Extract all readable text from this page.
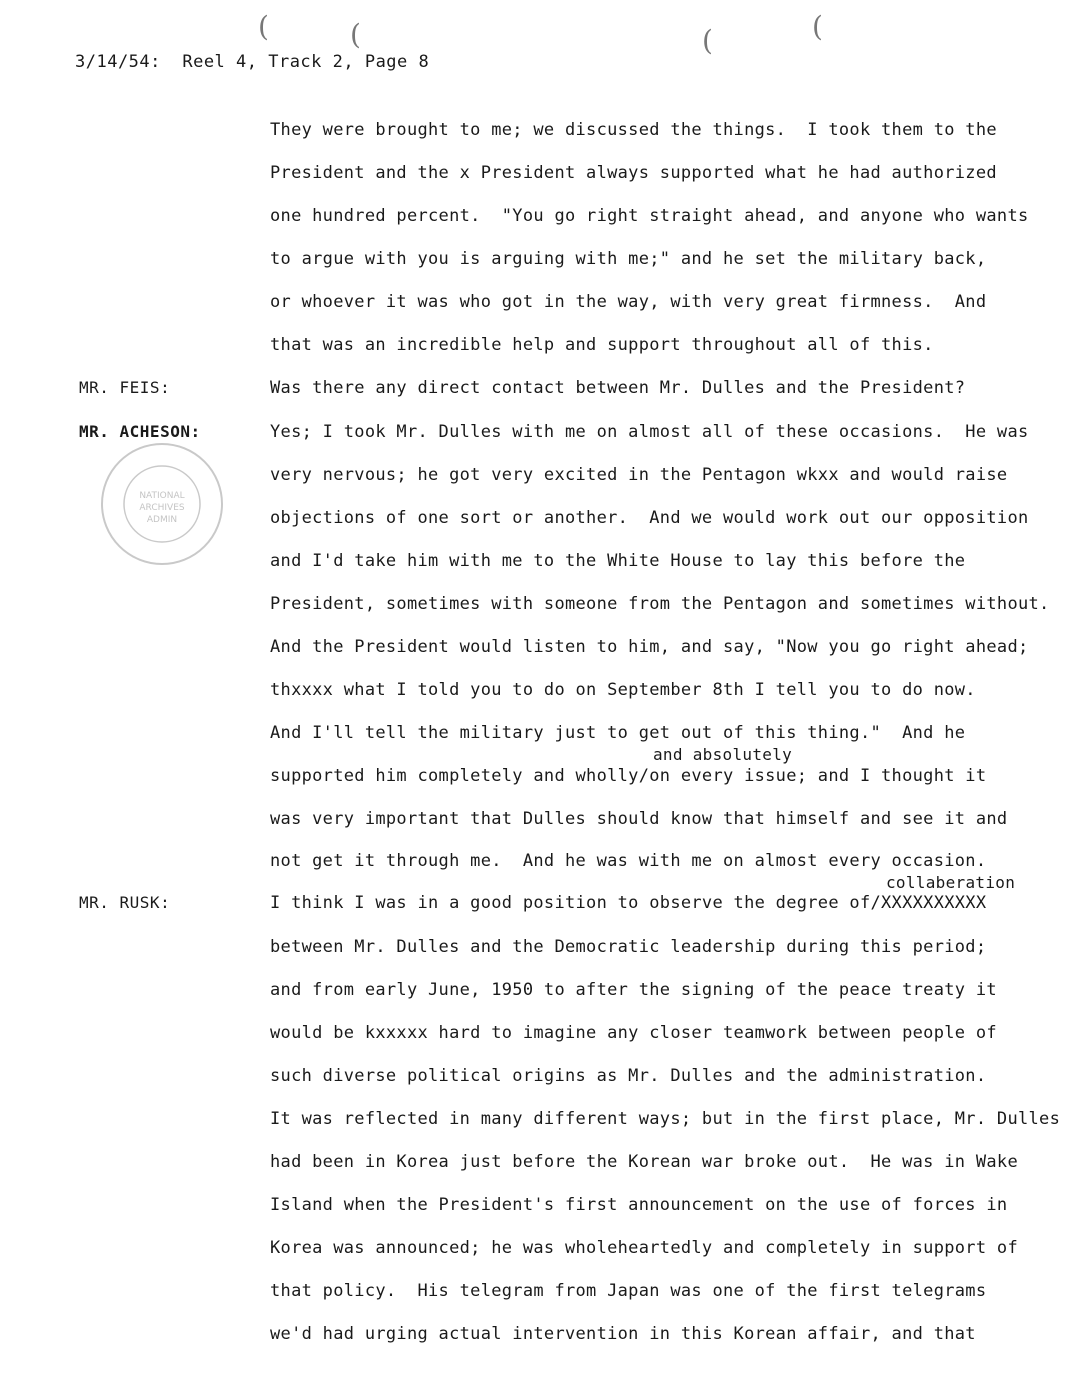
(	(	(	(
3/14/54:  Reel 4, Track 2, Page 8
MR. FEIS:
MR. ACHESON:
MR. RUSK:
NATIONAL
ARCHIVES
ADMIN
and absolutely
collaberation
They were brought to me; we discussed the things.  I took them to the
President and the x President always supported what he had authorized
one hundred percent.  "You go right straight ahead, and anyone who wants
to argue with you is arguing with me;" and he set the military back,
or whoever it was who got in the way, with very great firmness.  And
that was an incredible help and support throughout all of this.
Was there any direct contact between Mr. Dulles and the President?
Yes; I took Mr. Dulles with me on almost all of these occasions.  He was
very nervous; he got very excited in the Pentagon wkxx and would raise
objections of one sort or another.  And we would work out our opposition
and I'd take him with me to the White House to lay this before the
President, sometimes with someone from the Pentagon and sometimes without.
And the President would listen to him, and say, "Now you go right ahead;
thxxxx what I told you to do on September 8th I tell you to do now.
And I'll tell the military just to get out of this thing."  And he
supported him completely and wholly/on every issue; and I thought it
was very important that Dulles should know that himself and see it and
not get it through me.  And he was with me on almost every occasion.
I think I was in a good position to observe the degree of/XXXXXXXXXX
between Mr. Dulles and the Democratic leadership during this period;
and from early June, 1950 to after the signing of the peace treaty it
would be kxxxxx hard to imagine any closer teamwork between people of
such diverse political origins as Mr. Dulles and the administration.
It was reflected in many different ways; but in the first place, Mr. Dulles
had been in Korea just before the Korean war broke out.  He was in Wake
Island when the President's first announcement on the use of forces in
Korea was announced; he was wholeheartedly and completely in support of
that policy.  His telegram from Japan was one of the first telegrams
we'd had urging actual intervention in this Korean affair, and that
